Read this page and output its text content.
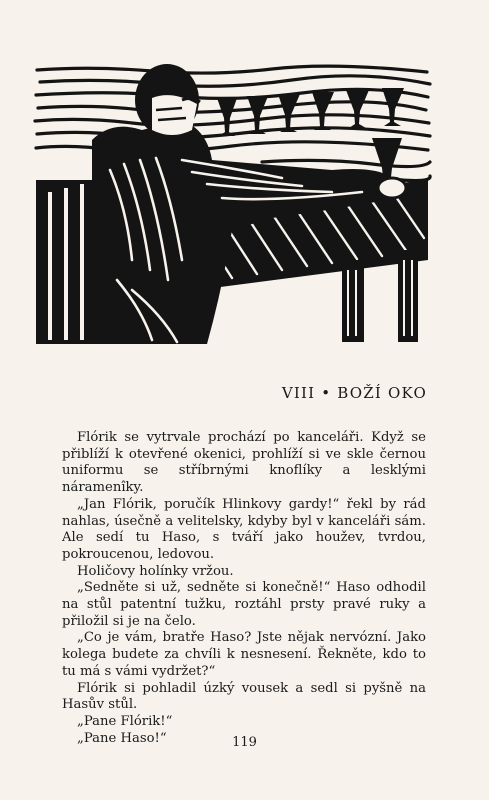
VIII • BOŽÍ OKO

Flórik se vytrvale prochází po kanceláři. Když se přiblíží k otevřené okenici, prohlíží si ve skle černou uniformu se stříbrnými knoflíky a lesklými náramenîky.

„Jan Flórik, poručík Hlinkovy gardy!“ řekl by rád nahlas, úsečně a velitelsky, kdyby byl v kanceláři sám. Ale sedí tu Haso, s tváří jako houžev, tvrdou, pokroucenou, ledovou.

Holičovy holínky vržou.

„Sedněte si už, sedněte si konečně!“ Haso odhodil na stůl patentní tužku, roztáhl prsty pravé ruky a přiložil si je na čelo.

„Co je vám, bratře Haso? Jste nějak nervózní. Jako kolega budete za chvíli k nesnesení. Řekněte, kdo to tu má s vámi vydržet?“

Flórik si pohladil úzký vousek a sedl si pyšně na Hasův stůl.

„Pane Flórik!“

„Pane Haso!“	119
